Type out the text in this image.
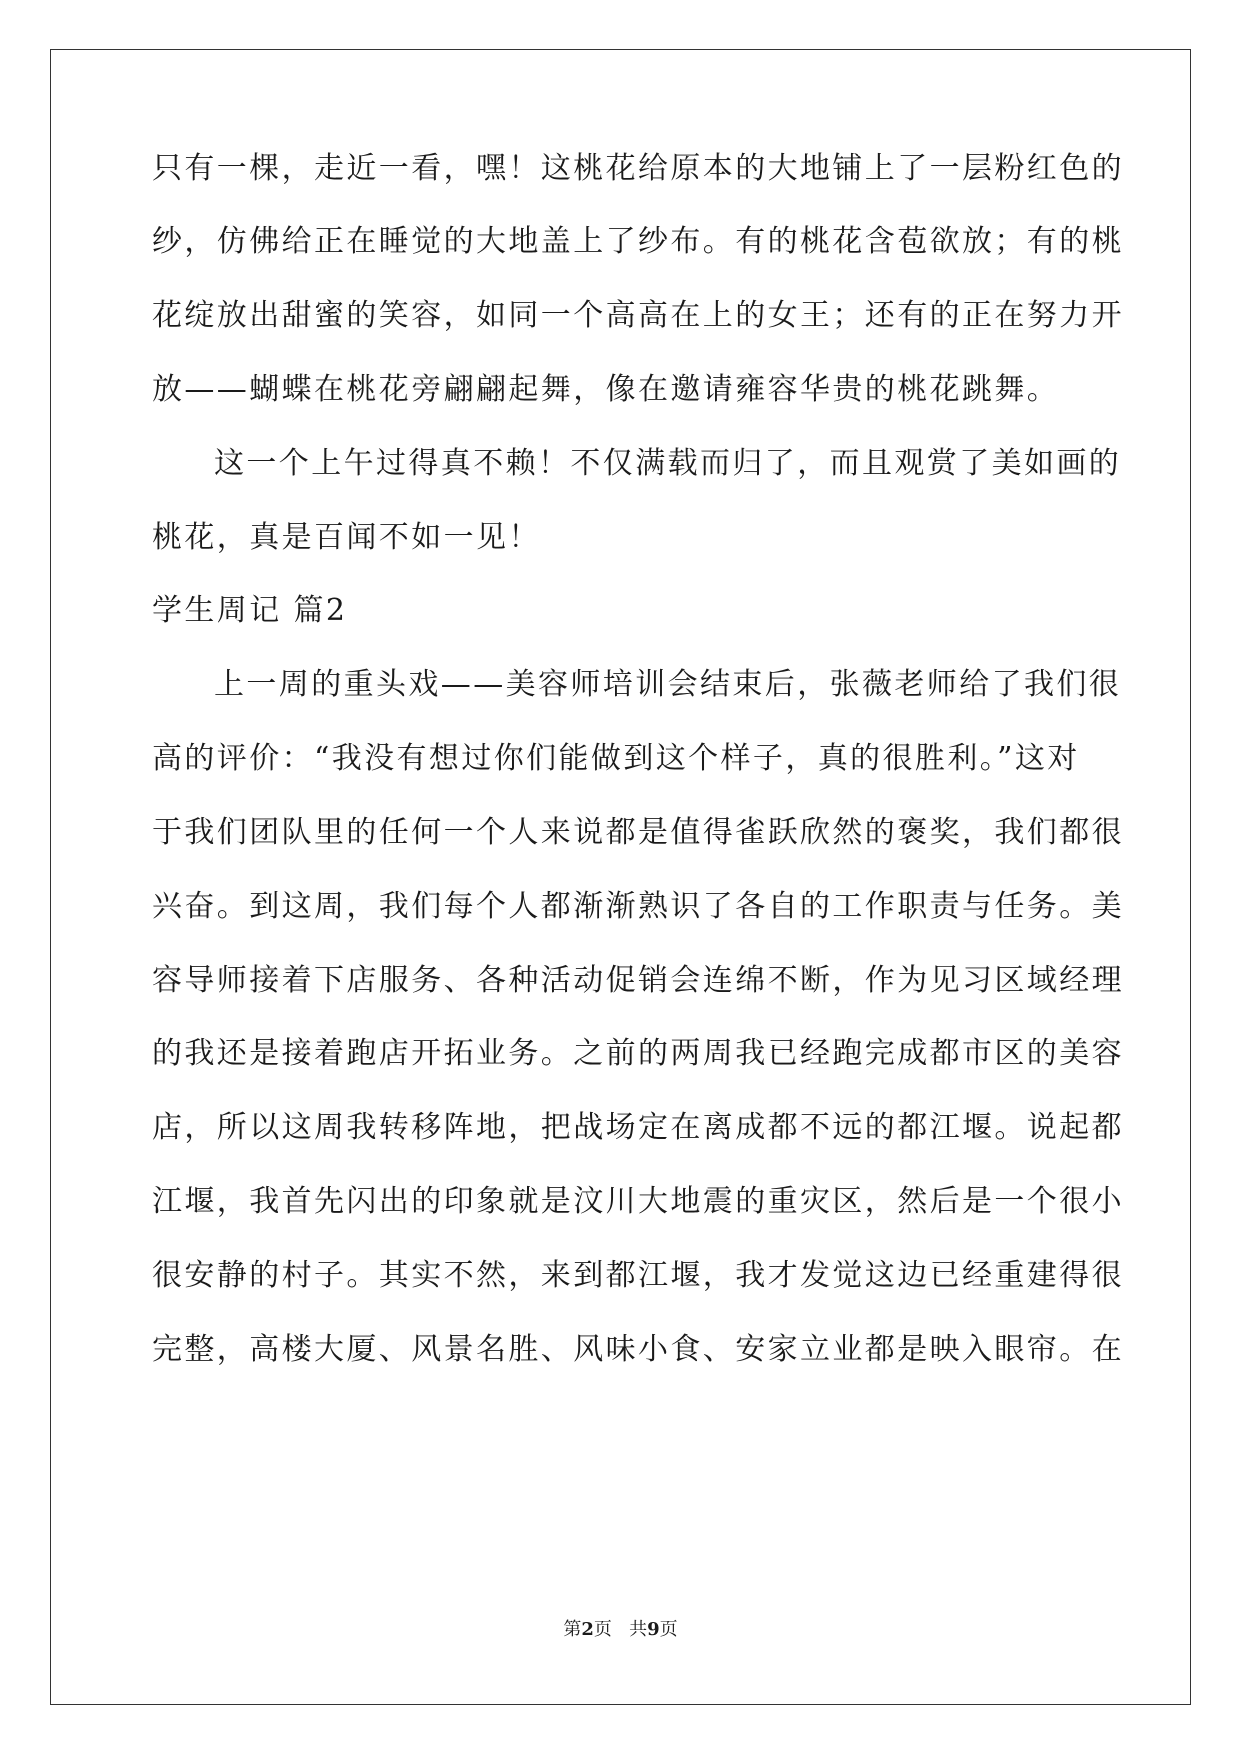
只有一棵，走近一看，嘿！这桃花给原本的大地铺上了一层粉红色的
纱，仿佛给正在睡觉的大地盖上了纱布。有的桃花含苞欲放；有的桃
花绽放出甜蜜的笑容，如同一个高高在上的女王；还有的正在努力开
放——蝴蝶在桃花旁翩翩起舞，像在邀请雍容华贵的桃花跳舞。
这一个上午过得真不赖！不仅满载而归了，而且观赏了美如画的
桃花，真是百闻不如一见！
学生周记 篇2
上一周的重头戏——美容师培训会结束后，张薇老师给了我们很
高的评价：“我没有想过你们能做到这个样子，真的很胜利。”这对
于我们团队里的任何一个人来说都是值得雀跃欣然的褒奖，我们都很
兴奋。到这周，我们每个人都渐渐熟识了各自的工作职责与任务。美
容导师接着下店服务、各种活动促销会连绵不断，作为见习区域经理
的我还是接着跑店开拓业务。之前的两周我已经跑完成都市区的美容
店，所以这周我转移阵地，把战场定在离成都不远的都江堰。说起都
江堰，我首先闪出的印象就是汶川大地震的重灾区，然后是一个很小
很安静的村子。其实不然，来到都江堰，我才发觉这边已经重建得很
完整，高楼大厦、风景名胜、风味小食、安家立业都是映入眼帘。在
第2页 共9页
